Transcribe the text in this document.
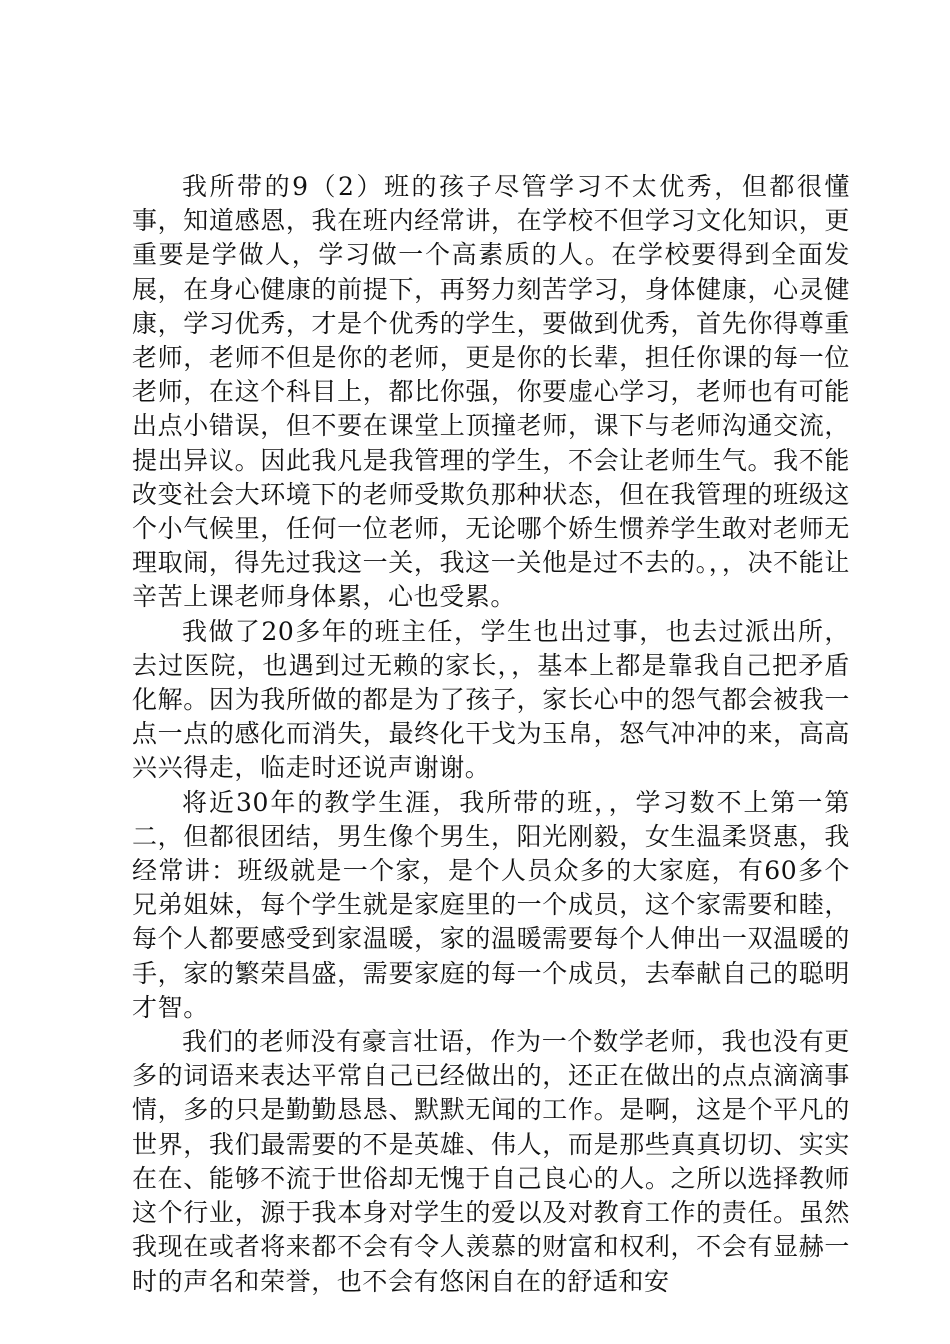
我所带的9（2）班的孩子尽管学习不太优秀，但都很懂事，知道感恩，我在班内经常讲，在学校不但学习文化知识，更重要是学做人，学习做一个高素质的人。在学校要得到全面发展，在身心健康的前提下，再努力刻苦学习，身体健康，心灵健康，学习优秀，才是个优秀的学生，要做到优秀，首先你得尊重老师，老师不但是你的老师，更是你的长辈，担任你课的每一位老师，在这个科目上，都比你强，你要虚心学习，老师也有可能出点小错误，但不要在课堂上顶撞老师，课下与老师沟通交流，提出异议。因此我凡是我管理的学生，不会让老师生气。我不能改变社会大环境下的老师受欺负那种状态，但在我管理的班级这个小气候里，任何一位老师，无论哪个娇生惯养学生敢对老师无理取闹，得先过我这一关，我这一关他是过不去的。，，决不能让辛苦上课老师身体累，心也受累。

我做了20多年的班主任，学生也出过事，也去过派出所，去过医院，也遇到过无赖的家长，，基本上都是靠我自己把矛盾化解。因为我所做的都是为了孩子，家长心中的怨气都会被我一点一点的感化而消失，最终化干戈为玉帛，怒气冲冲的来，高高兴兴得走，临走时还说声谢谢。

将近30年的教学生涯，我所带的班，，学习数不上第一第二，但都很团结，男生像个男生，阳光刚毅，女生温柔贤惠，我经常讲：班级就是一个家，是个人员众多的大家庭，有60多个兄弟姐妹，每个学生就是家庭里的一个成员，这个家需要和睦，每个人都要感受到家温暖，家的温暖需要每个人伸出一双温暖的手，家的繁荣昌盛，需要家庭的每一个成员，去奉献自己的聪明才智。

我们的老师没有豪言壮语，作为一个数学老师，我也没有更多的词语来表达平常自己已经做出的，还正在做出的点点滴滴事情，多的只是勤勤恳恳、默默无闻的工作。是啊，这是个平凡的世界，我们最需要的不是英雄、伟人，而是那些真真切切、实实在在、能够不流于世俗却无愧于自己良心的人。之所以选择教师这个行业，源于我本身对学生的爱以及对教育工作的责任。虽然我现在或者将来都不会有令人羡慕的财富和权利，不会有显赫一时的声名和荣誉，也不会有悠闲自在的舒适和安
